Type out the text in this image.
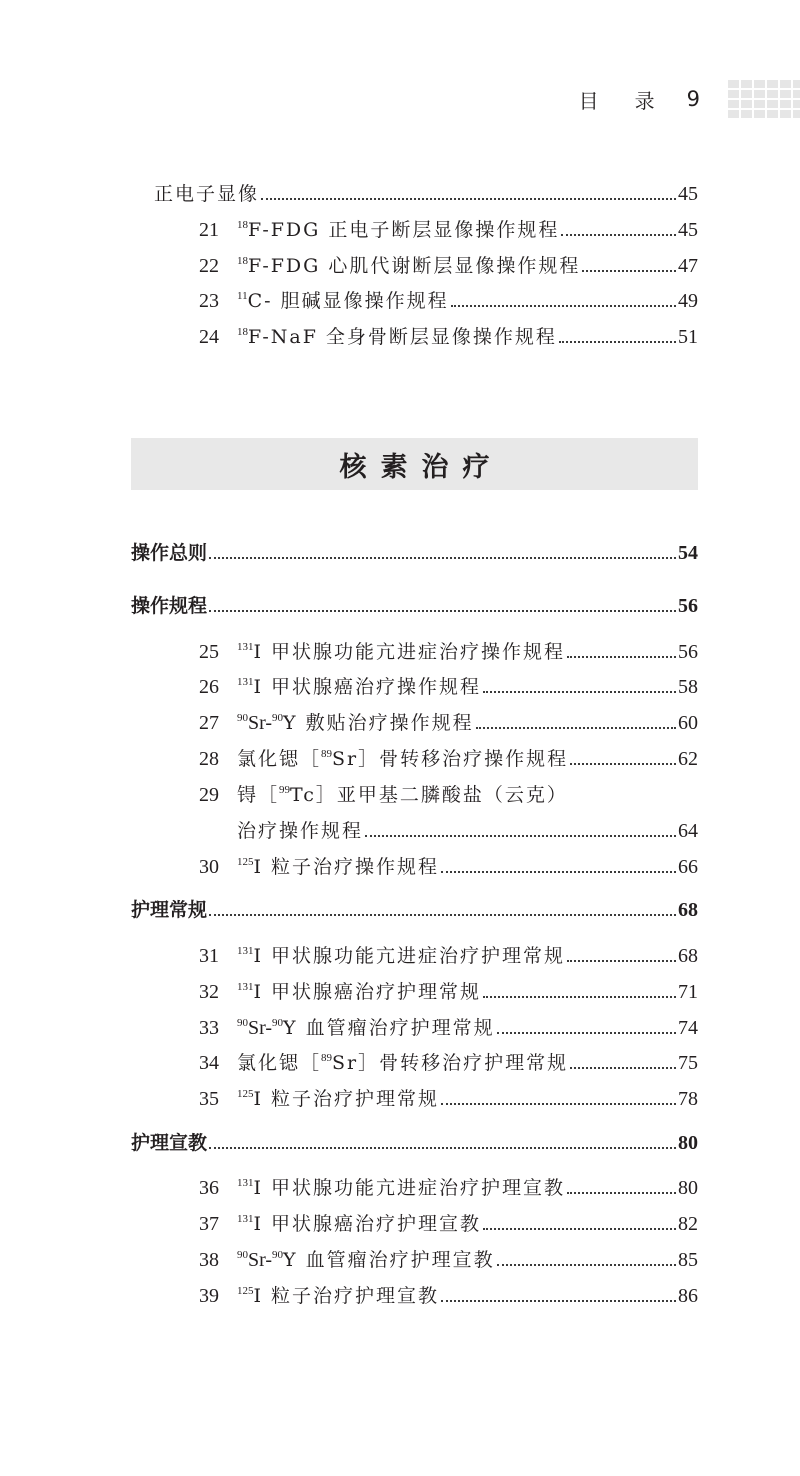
目录
9
正电子显像	45
21 $^{18}$F-FDG 正电子断层显像操作规程	45
22 $^{18}$F-FDG 心肌代谢断层显像操作规程	47
23 $^{11}$C- 胆碱显像操作规程	49
24 $^{18}$F-NaF 全身骨断层显像操作规程	51
核素治疗
操作总则	54
操作规程	56
25 $^{131}$I 甲状腺功能亢进症治疗操作规程	56
26 $^{131}$I 甲状腺癌治疗操作规程	58
27 $^{90}$Sr-$^{90}$Y 敷贴治疗操作规程	60
28 氯化锶［$^{89}$Sr］骨转移治疗操作规程	62
29 锝［$^{99}$Tc］亚甲基二膦酸盐（云克）
治疗操作规程	64
30 $^{125}$I 粒子治疗操作规程	66
护理常规	68
31 $^{131}$I 甲状腺功能亢进症治疗护理常规	68
32 $^{131}$I 甲状腺癌治疗护理常规	71
33 $^{90}$Sr-$^{90}$Y 血管瘤治疗护理常规	74
34 氯化锶［$^{89}$Sr］骨转移治疗护理常规	75
35 $^{125}$I 粒子治疗护理常规	78
护理宣教	80
36 $^{131}$I 甲状腺功能亢进症治疗护理宣教	80
37 $^{131}$I 甲状腺癌治疗护理宣教	82
38 $^{90}$Sr-$^{90}$Y 血管瘤治疗护理宣教	85
39 $^{125}$I 粒子治疗护理宣教	86
